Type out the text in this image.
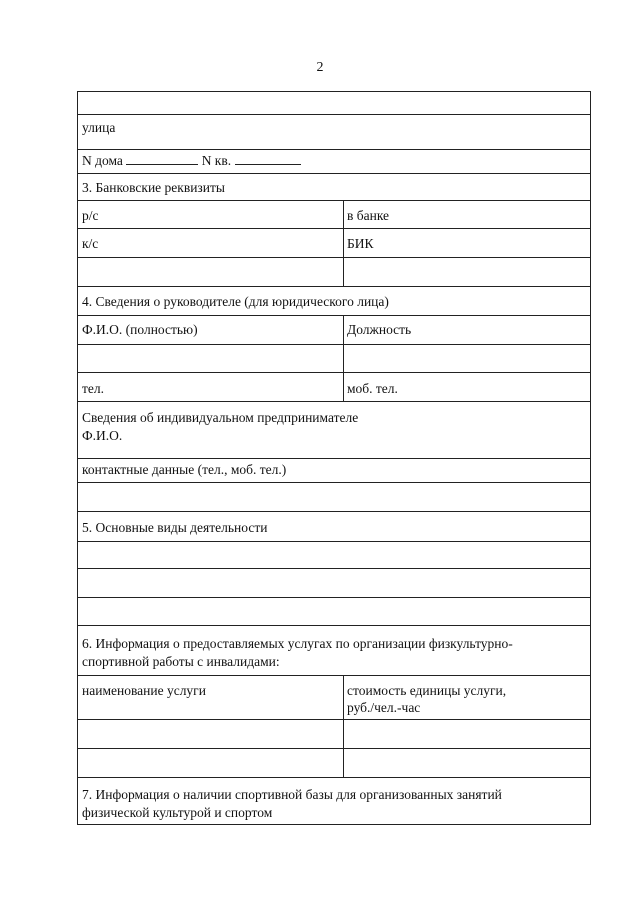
2
улица
N дома	N кв.
3. Банковские реквизиты
р/с	в банке
к/с	БИК
4. Сведения о руководителе (для юридического лица)
Ф.И.О. (полностью)	Должность
тел.	моб. тел.
Сведения об индивидуальном предпринимателе
Ф.И.О.
контактные данные (тел., моб. тел.)
5. Основные виды деятельности
6. Информация о предоставляемых услугах по организации физкультурно-
спортивной работы с инвалидами:
наименование услуги	стоимость единицы услуги,
руб./чел.-час
7. Информация о наличии спортивной базы для организованных занятий
физической культурой и спортом
